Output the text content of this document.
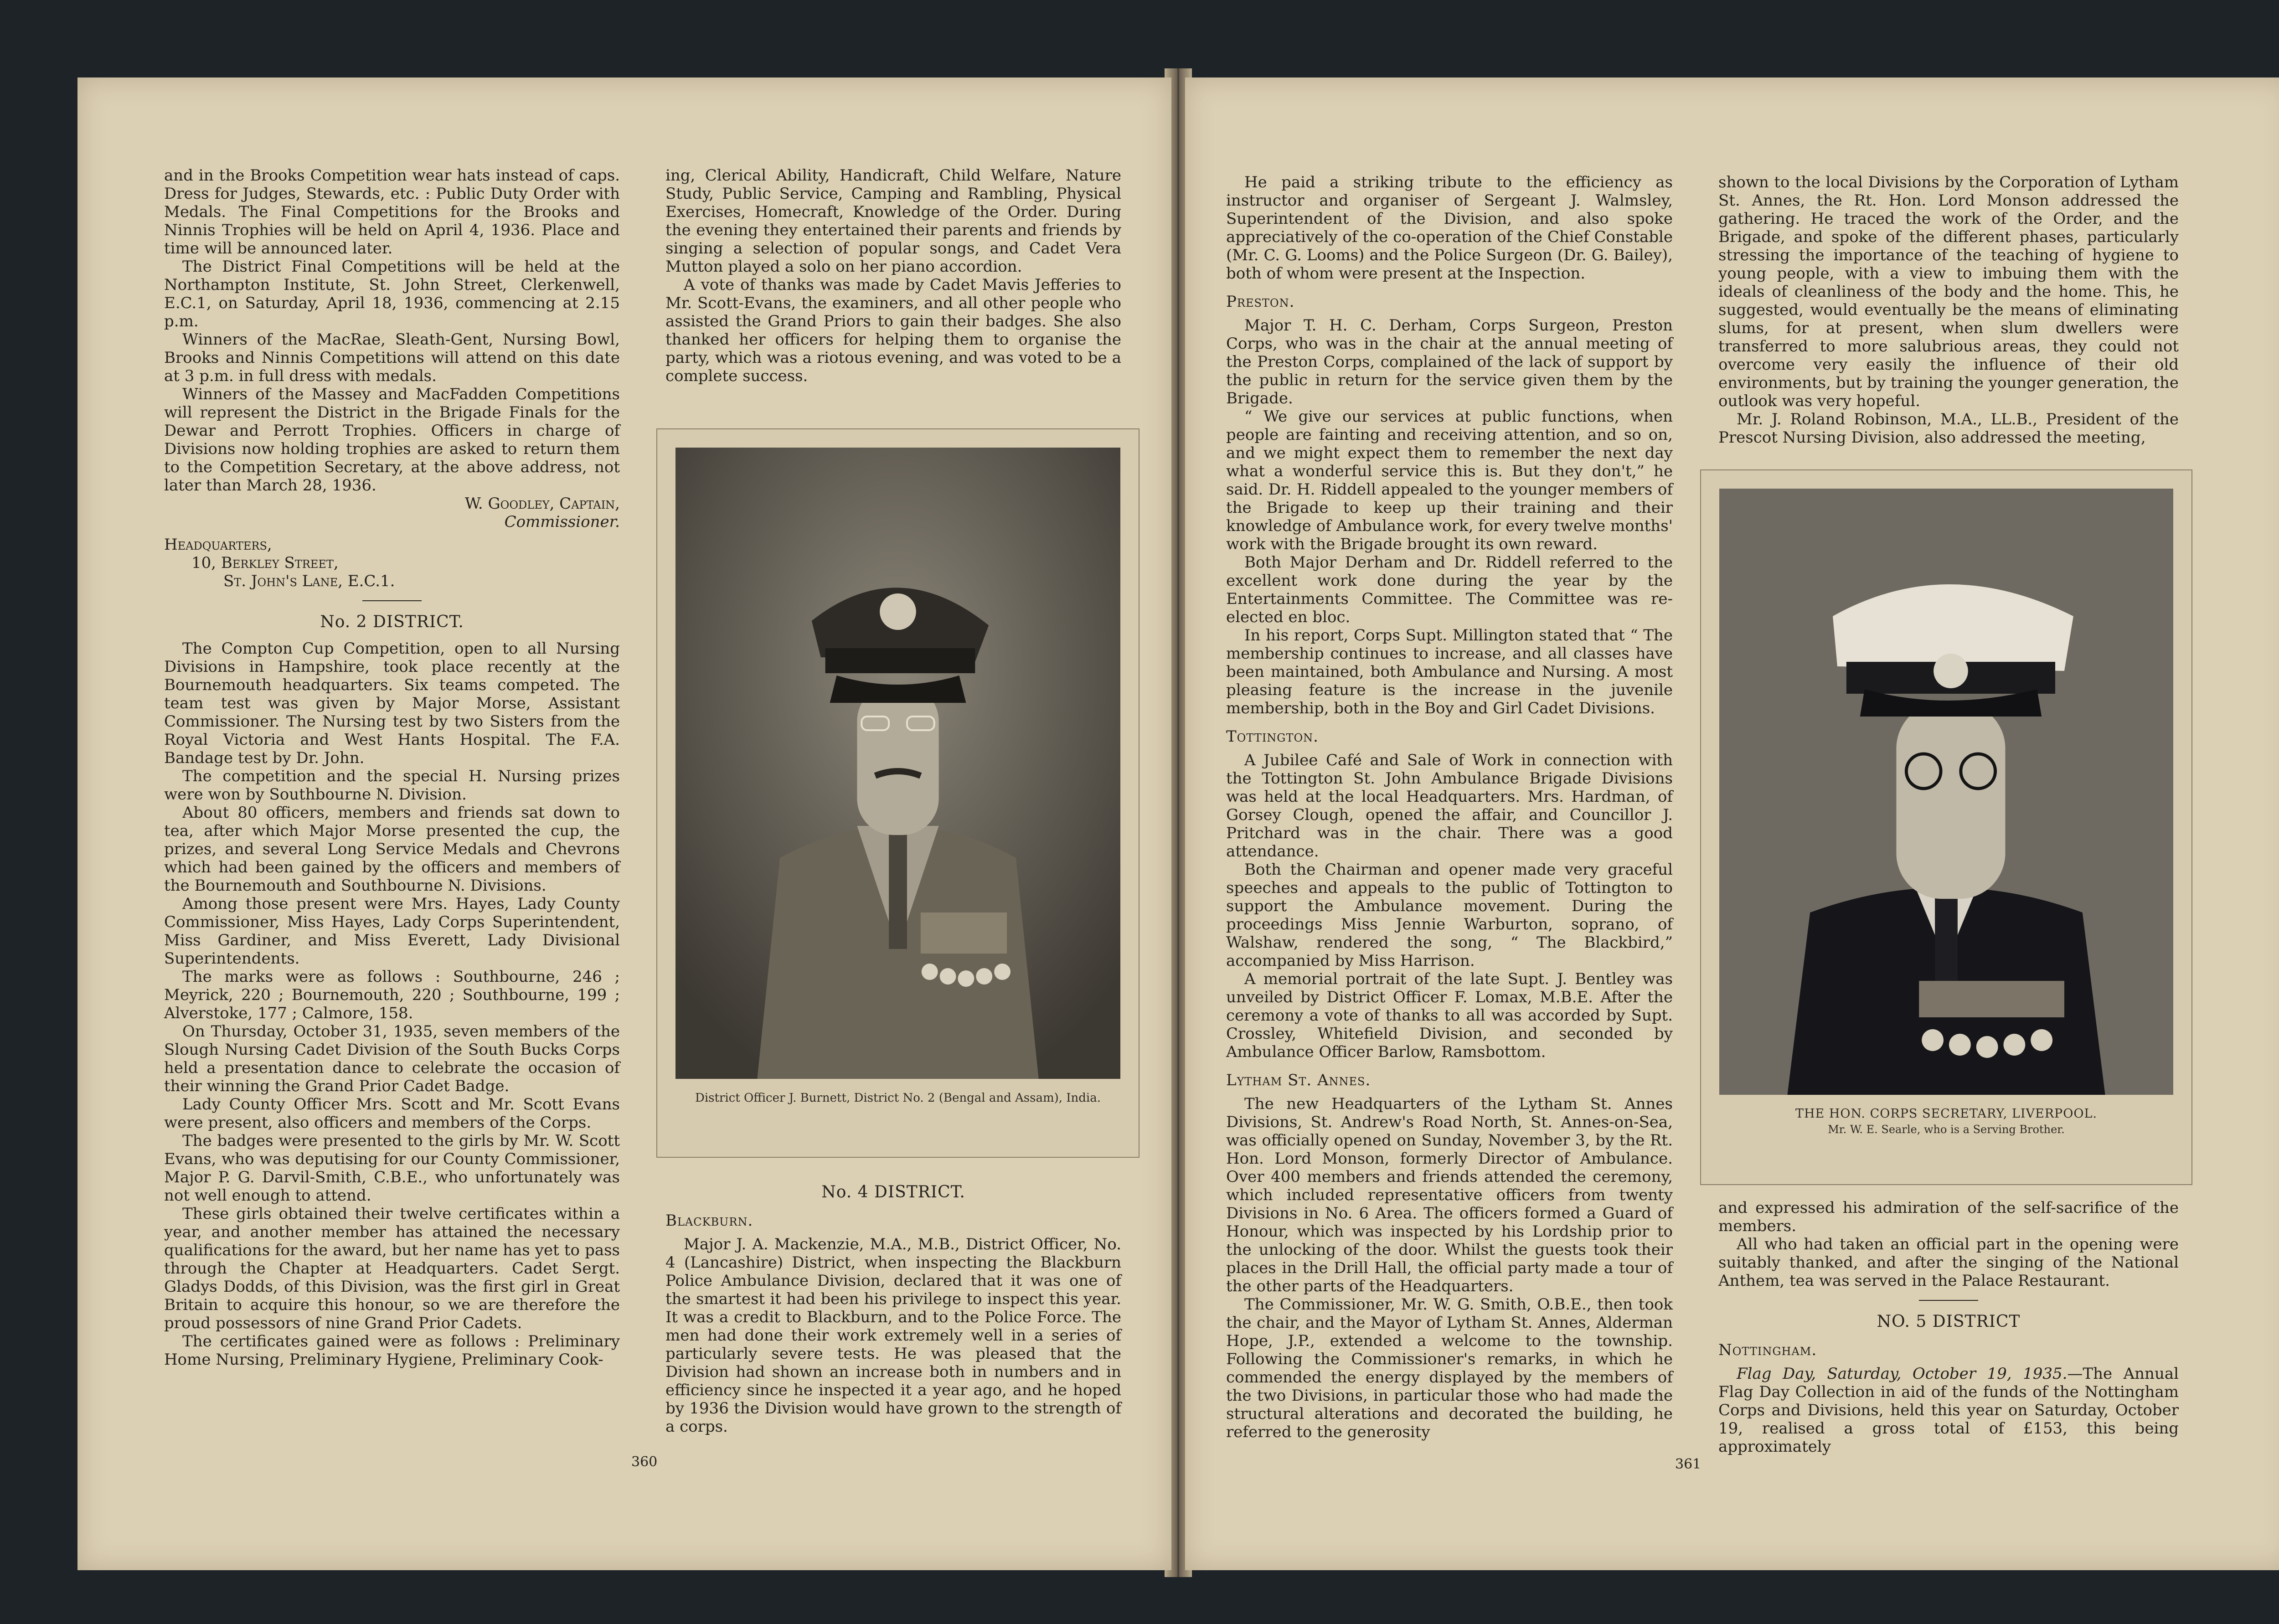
and in the Brooks Competition wear hats instead of caps. Dress for Judges, Stewards, etc. : Public Duty Order with Medals. The Final Competitions for the Brooks and Ninnis Trophies will be held on April 4, 1936. Place and time will be announced later.

The District Final Competitions will be held at the Northampton Institute, St. John Street, Clerkenwell, E.C.1, on Saturday, April 18, 1936, commencing at 2.15 p.m.

Winners of the MacRae, Sleath-Gent, Nursing Bowl, Brooks and Ninnis Competitions will attend on this date at 3 p.m. in full dress with medals.

Winners of the Massey and MacFadden Competitions will represent the District in the Brigade Finals for the Dewar and Perrott Trophies. Officers in charge of Divisions now holding trophies are asked to return them to the Competition Secretary, at the above address, not later than March 28, 1936.

W. Goodley, Captain,

Commissioner.

Headquarters,

10, Berkley Street,

St. John's Lane, E.C.1.

No. 2 DISTRICT.

The Compton Cup Competition, open to all Nursing Divisions in Hampshire, took place recently at the Bournemouth headquarters. Six teams competed. The team test was given by Major Morse, Assistant Commissioner. The Nursing test by two Sisters from the Royal Victoria and West Hants Hospital. The F.A. Bandage test by Dr. John.

The competition and the special H. Nursing prizes were won by Southbourne N. Division.

About 80 officers, members and friends sat down to tea, after which Major Morse presented the cup, the prizes, and several Long Service Medals and Chevrons which had been gained by the officers and members of the Bournemouth and Southbourne N. Divisions.

Among those present were Mrs. Hayes, Lady County Commissioner, Miss Hayes, Lady Corps Superintendent, Miss Gardiner, and Miss Everett, Lady Divisional Superintendents.

The marks were as follows : Southbourne, 246 ; Meyrick, 220 ; Bournemouth, 220 ; Southbourne, 199 ; Alverstoke, 177 ; Calmore, 158.

On Thursday, October 31, 1935, seven members of the Slough Nursing Cadet Division of the South Bucks Corps held a presentation dance to celebrate the occasion of their winning the Grand Prior Cadet Badge.

Lady County Officer Mrs. Scott and Mr. Scott Evans were present, also officers and members of the Corps.

The badges were presented to the girls by Mr. W. Scott Evans, who was deputising for our County Commissioner, Major P. G. Darvil-Smith, C.B.E., who unfortunately was not well enough to attend.

These girls obtained their twelve certificates within a year, and another member has attained the necessary qualifications for the award, but her name has yet to pass through the Chapter at Headquarters. Cadet Sergt. Gladys Dodds, of this Division, was the first girl in Great Britain to acquire this honour, so we are therefore the proud possessors of nine Grand Prior Cadets.

The certificates gained were as follows : Preliminary Home Nursing, Preliminary Hygiene, Preliminary Cook-

ing, Clerical Ability, Handicraft, Child Welfare, Nature Study, Public Service, Camping and Rambling, Physical Exercises, Homecraft, Knowledge of the Order. During the evening they entertained their parents and friends by singing a selection of popular songs, and Cadet Vera Mutton played a solo on her piano accordion.

A vote of thanks was made by Cadet Mavis Jefferies to Mr. Scott-Evans, the examiners, and all other people who assisted the Grand Priors to gain their badges. She also thanked her officers for helping them to organise the party, which was a riotous evening, and was voted to be a complete success.

District Officer J. Burnett, District No. 2 (Bengal and Assam), India.

No. 4 DISTRICT.

Blackburn.

Major J. A. Mackenzie, M.A., M.B., District Officer, No. 4 (Lancashire) District, when inspecting the Blackburn Police Ambulance Division, declared that it was one of the smartest it had been his privilege to inspect this year. It was a credit to Blackburn, and to the Police Force. The men had done their work extremely well in a series of particularly severe tests. He was pleased that the Division had shown an increase both in numbers and in efficiency since he inspected it a year ago, and he hoped by 1936 the Division would have grown to the strength of a corps.

360

He paid a striking tribute to the efficiency as instructor and organiser of Sergeant J. Walmsley, Superintendent of the Division, and also spoke appreciatively of the co-operation of the Chief Constable (Mr. C. G. Looms) and the Police Surgeon (Dr. G. Bailey), both of whom were present at the Inspection.

Preston.

Major T. H. C. Derham, Corps Surgeon, Preston Corps, who was in the chair at the annual meeting of the Preston Corps, complained of the lack of support by the public in return for the service given them by the Brigade.

“ We give our services at public functions, when people are fainting and receiving attention, and so on, and we might expect them to remember the next day what a wonderful service this is. But they don't,” he said. Dr. H. Riddell appealed to the younger members of the Brigade to keep up their training and their knowledge of Ambulance work, for every twelve months' work with the Brigade brought its own reward.

Both Major Derham and Dr. Riddell referred to the excellent work done during the year by the Entertainments Committee. The Committee was re-elected en bloc.

In his report, Corps Supt. Millington stated that “ The membership continues to increase, and all classes have been maintained, both Ambulance and Nursing. A most pleasing feature is the increase in the juvenile membership, both in the Boy and Girl Cadet Divisions.

Tottington.

A Jubilee Café and Sale of Work in connection with the Tottington St. John Ambulance Brigade Divisions was held at the local Headquarters. Mrs. Hardman, of Gorsey Clough, opened the affair, and Councillor J. Pritchard was in the chair. There was a good attendance.

Both the Chairman and opener made very graceful speeches and appeals to the public of Tottington to support the Ambulance movement. During the proceedings Miss Jennie Warburton, soprano, of Walshaw, rendered the song, “ The Blackbird,” accompanied by Miss Harrison.

A memorial portrait of the late Supt. J. Bentley was unveiled by District Officer F. Lomax, M.B.E. After the ceremony a vote of thanks to all was accorded by Supt. Crossley, Whitefield Division, and seconded by Ambulance Officer Barlow, Ramsbottom.

Lytham St. Annes.

The new Headquarters of the Lytham St. Annes Divisions, St. Andrew's Road North, St. Annes-on-Sea, was officially opened on Sunday, November 3, by the Rt. Hon. Lord Monson, formerly Director of Ambulance. Over 400 members and friends attended the ceremony, which included representative officers from twenty Divisions in No. 6 Area. The officers formed a Guard of Honour, which was inspected by his Lordship prior to the unlocking of the door. Whilst the guests took their places in the Drill Hall, the official party made a tour of the other parts of the Headquarters.

The Commissioner, Mr. W. G. Smith, O.B.E., then took the chair, and the Mayor of Lytham St. Annes, Alderman Hope, J.P., extended a welcome to the township. Following the Commissioner's remarks, in which he commended the energy displayed by the members of the two Divisions, in particular those who had made the structural alterations and decorated the building, he referred to the generosity

shown to the local Divisions by the Corporation of Lytham St. Annes, the Rt. Hon. Lord Monson addressed the gathering. He traced the work of the Order, and the Brigade, and spoke of the different phases, particularly stressing the importance of the teaching of hygiene to young people, with a view to imbuing them with the ideals of cleanliness of the body and the home. This, he suggested, would eventually be the means of eliminating slums, for at present, when slum dwellers were transferred to more salubrious areas, they could not overcome very easily the influence of their old environments, but by training the younger generation, the outlook was very hopeful.

Mr. J. Roland Robinson, M.A., LL.B., President of the Prescot Nursing Division, also addressed the meeting,

THE HON. CORPS SECRETARY, LIVERPOOL.
Mr. W. E. Searle, who is a Serving Brother.

and expressed his admiration of the self-sacrifice of the members.

All who had taken an official part in the opening were suitably thanked, and after the singing of the National Anthem, tea was served in the Palace Restaurant.

NO. 5 DISTRICT

Nottingham.

Flag Day, Saturday, October 19, 1935.—The Annual Flag Day Collection in aid of the funds of the Nottingham Corps and Divisions, held this year on Saturday, October 19, realised a gross total of £153, this being approximately

361
